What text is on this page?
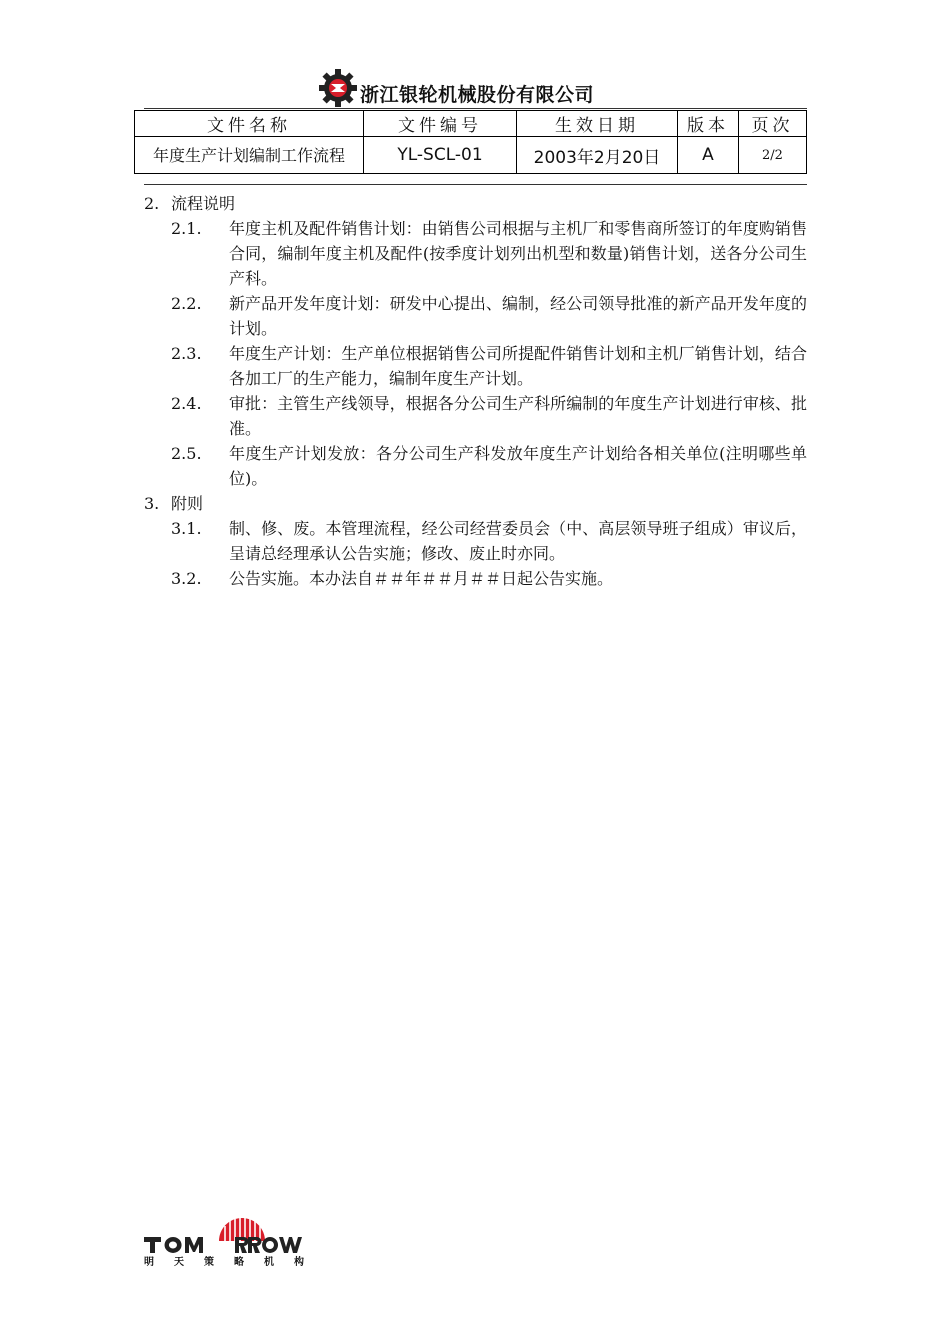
浙江银轮机械股份有限公司
文件名称	文件编号	生效日期	版本	页次
年度生产计划编制工作流程	YL-SCL-01	2003年2月20日	A	2/2
2. 流程说明
2.1.	年度主机及配件销售计划：由销售公司根据与主机厂和零售商所签订的年度购销售合同，编制年度主机及配件(按季度计划列出机型和数量)销售计划，送各分公司生产科。
2.2.	新产品开发年度计划：研发中心提出、编制，经公司领导批准的新产品开发年度的计划。
2.3.	年度生产计划：生产单位根据销售公司所提配件销售计划和主机厂销售计划，结合各加工厂的生产能力，编制年度生产计划。
2.4.	审批：主管生产线领导，根据各分公司生产科所编制的年度生产计划进行审核、批准。
2.5.	年度生产计划发放：各分公司生产科发放年度生产计划给各相关单位(注明哪些单位)。
3. 附则
3.1.	制、修、废。本管理流程，经公司经营委员会（中、高层领导班子组成）审议后，呈请总经理承认公告实施；修改、废止时亦同。
3.2.	公告实施。本办法自＃＃年＃＃月＃＃日起公告实施。
明 天 策 略 机 构
